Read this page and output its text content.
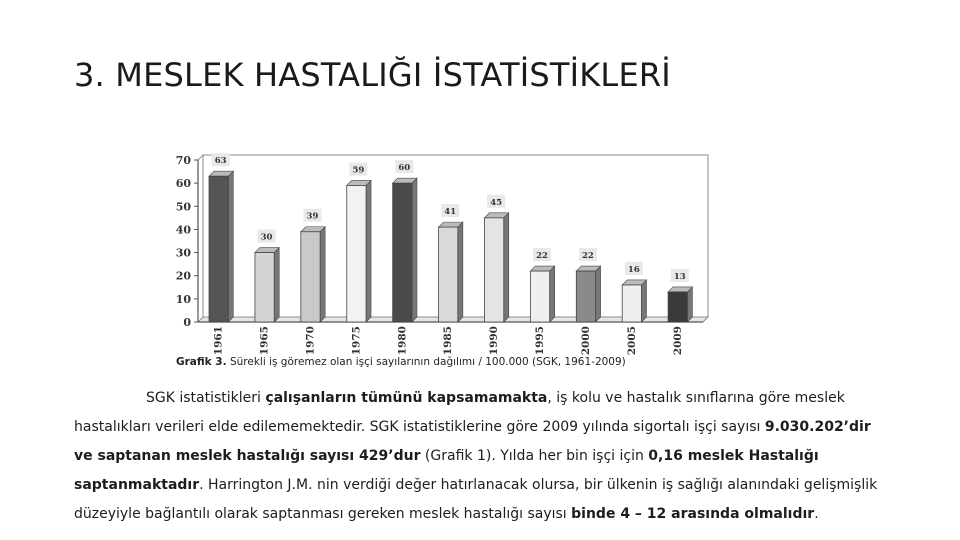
3. MESLEK HASTALIĞI İSTATİSTİKLERİ
0
10
20
30
40
50
60
70	63
1961
30
1965
39
1970
59
1975
60
1980
41
1985
45
1990
22
1995
22
2000
16
2005
13
2009
Grafik 3. Sürekli iş göremez olan işçi sayılarının dağılımı / 100.000 (SGK, 1961-2009)

SGK istatistikleri çalışanların tümünü kapsamamakta, iş kolu ve hastalık sınıflarına göre meslek hastalıkları verileri elde edilememektedir. SGK istatistiklerine göre 2009 yılında sigortalı işçi sayısı 9.030.202’dir ve saptanan meslek hastalığı sayısı 429’dur (Grafik 1). Yılda her bin işçi için 0,16 meslek Hastalığı saptanmaktadır. Harrington J.M. nin verdiği değer hatırlanacak olursa, bir ülkenin iş sağlığı alanındaki gelişmişlik düzeyiyle bağlantılı olarak saptanması gereken meslek hastalığı sayısı binde 4 – 12 arasında olmalıdır.
